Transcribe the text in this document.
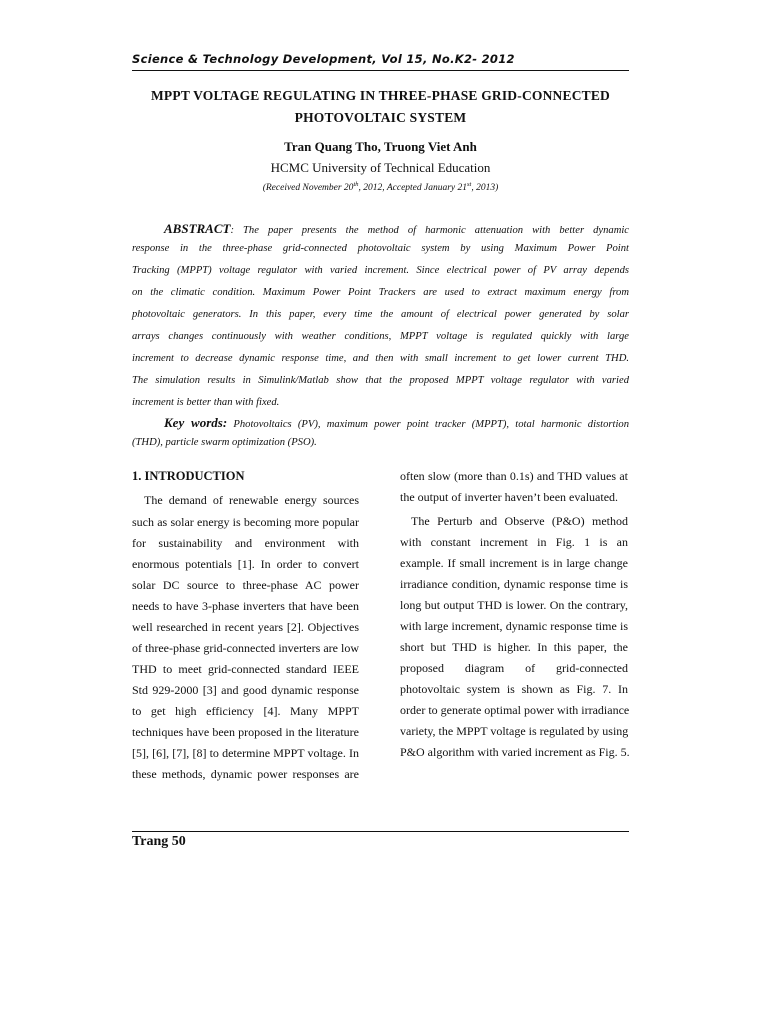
Science & Technology Development, Vol 15, No.K2- 2012
MPPT VOLTAGE REGULATING IN THREE-PHASE GRID-CONNECTED
PHOTOVOLTAIC SYSTEM
Tran Quang Tho, Truong Viet Anh
HCMC University of Technical Education
(Received November 20th, 2012, Accepted January 21st, 2013)
ABSTRACT: The paper presents the method of harmonic attenuation with better dynamic
response in the three-phase grid-connected photovoltaic system by using Maximum Power Point
Tracking (MPPT) voltage regulator with varied increment. Since electrical power of PV array depends
on the climatic condition. Maximum Power Point Trackers are used to extract maximum energy from
photovoltaic generators. In this paper, every time the amount of electrical power generated by solar
arrays changes continuously with weather conditions, MPPT voltage is regulated quickly with large
increment to decrease dynamic response time, and then with small increment to get lower current THD.
The simulation results in Simulink/Matlab show that the proposed MPPT voltage regulator with varied
increment is better than with fixed.
Key words: Photovoltaics (PV), maximum power point tracker (MPPT), total harmonic distortion
(THD), particle swarm optimization (PSO).
1. INTRODUCTION
The demand of renewable energy sources
such as solar energy is becoming more popular
for sustainability and environment with
enormous potentials [1]. In order to convert
solar DC source to three-phase AC power
needs to have 3-phase inverters that have been
well researched in recent years [2]. Objectives
of three-phase grid-connected inverters are low
THD to meet grid-connected standard IEEE
Std 929-2000 [3] and good dynamic response
to get high efficiency [4]. Many MPPT
techniques have been proposed in the literature
[5], [6], [7], [8] to determine MPPT voltage. In
these methods, dynamic power responses are
often slow (more than 0.1s) and THD values at
the output of inverter haven’t been evaluated.
The Perturb and Observe (P&O) method
with constant increment in Fig. 1 is an
example. If small increment is in large change
irradiance condition, dynamic response time is
long but output THD is lower. On the contrary,
with large increment, dynamic response time is
short but THD is higher. In this paper, the
proposed diagram of grid-connected
photovoltaic system is shown as Fig. 7. In
order to generate optimal power with irradiance
variety, the MPPT voltage is regulated by using
P&O algorithm with varied increment as Fig. 5.
Trang 50
